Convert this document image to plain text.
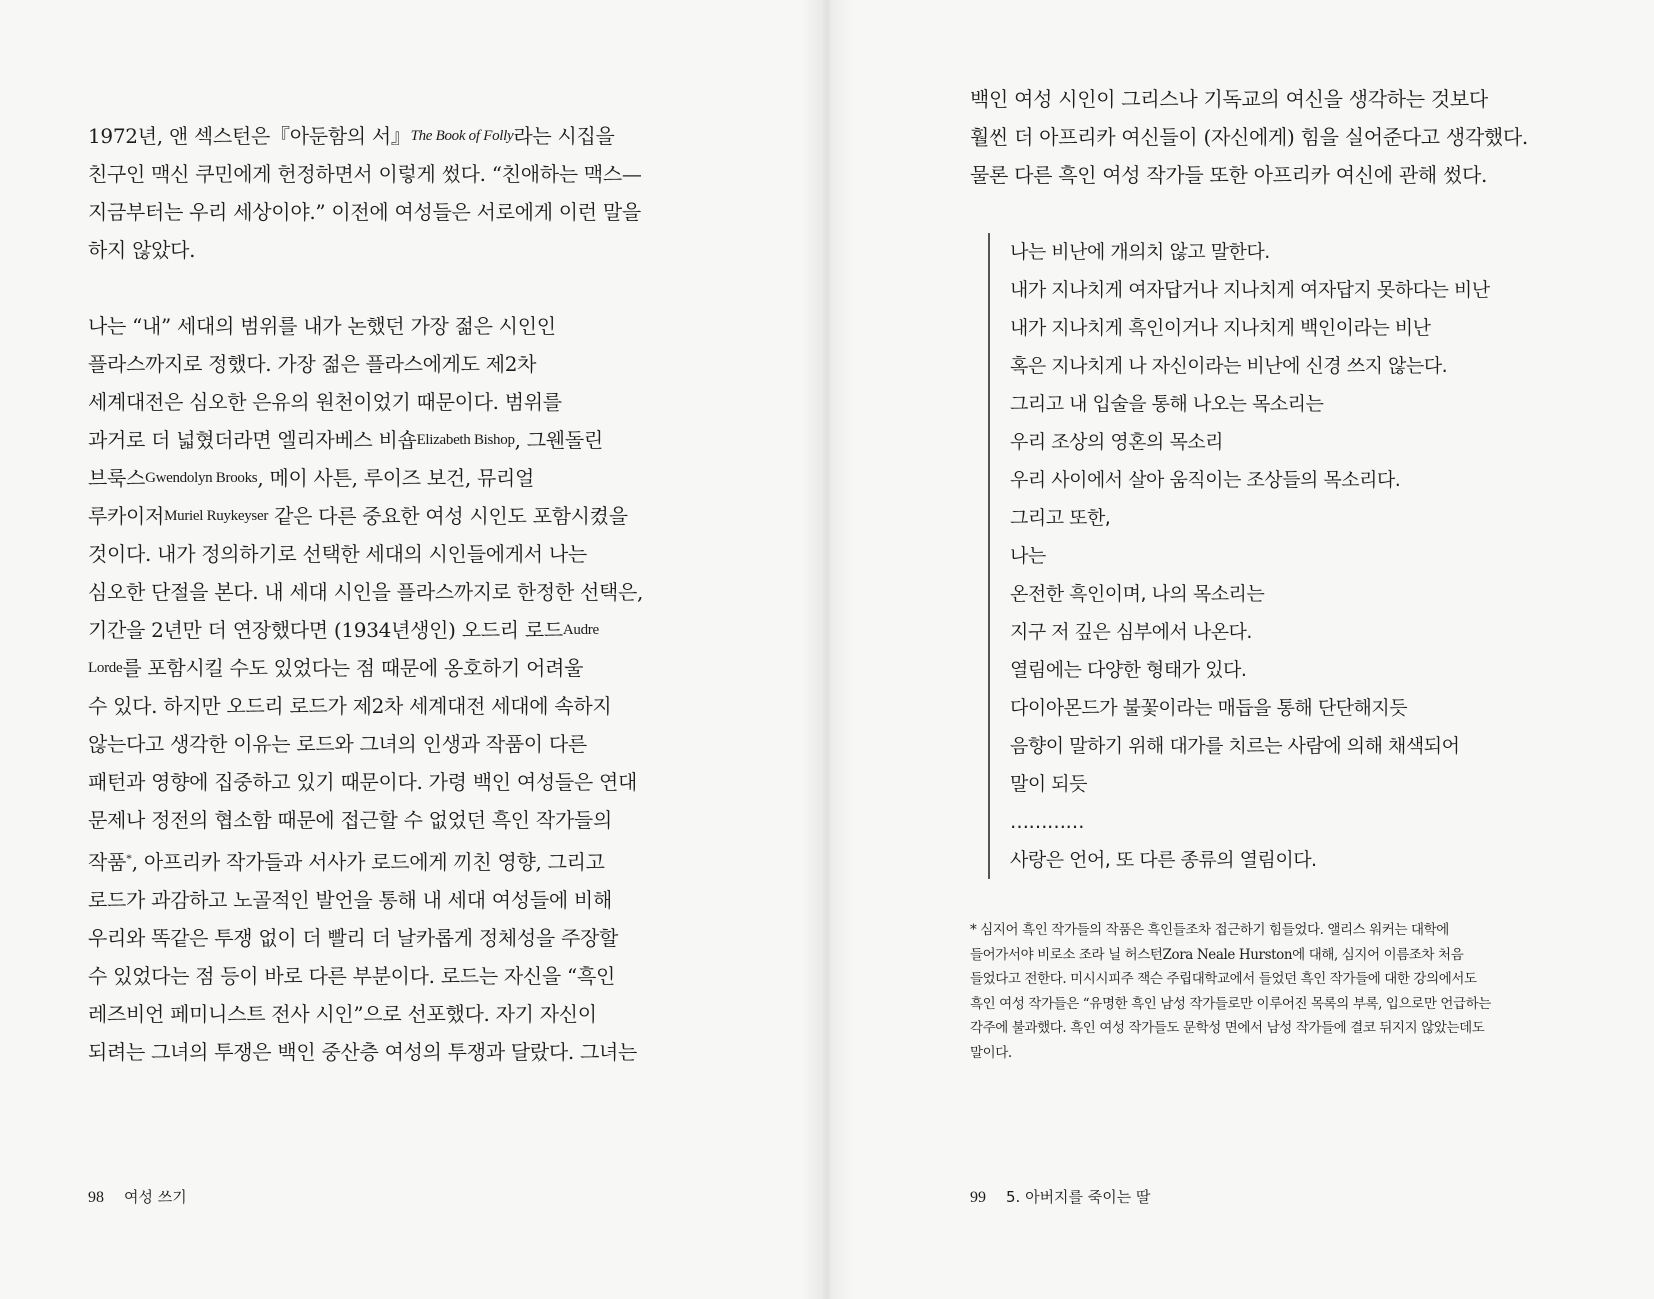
1972년, 앤 섹스턴은『아둔함의 서』The Book of Folly라는 시집을

친구인 맥신 쿠민에게 헌정하면서 이렇게 썼다. “친애하는 맥스—

지금부터는 우리 세상이야.” 이전에 여성들은 서로에게 이런 말을

하지 않았다.

나는 “내” 세대의 범위를 내가 논했던 가장 젊은 시인인

플라스까지로 정했다. 가장 젊은 플라스에게도 제2차

세계대전은 심오한 은유의 원천이었기 때문이다. 범위를

과거로 더 넓혔더라면 엘리자베스 비숍Elizabeth Bishop, 그웬돌린

브룩스Gwendolyn Brooks, 메이 사튼, 루이즈 보건, 뮤리얼

루카이저Muriel Ruykeyser 같은 다른 중요한 여성 시인도 포함시켰을

것이다. 내가 정의하기로 선택한 세대의 시인들에게서 나는

심오한 단절을 본다. 내 세대 시인을 플라스까지로 한정한 선택은,

기간을 2년만 더 연장했다면 (1934년생인) 오드리 로드Audre

Lorde를 포함시킬 수도 있었다는 점 때문에 옹호하기 어려울

수 있다. 하지만 오드리 로드가 제2차 세계대전 세대에 속하지

않는다고 생각한 이유는 로드와 그녀의 인생과 작품이 다른

패턴과 영향에 집중하고 있기 때문이다. 가령 백인 여성들은 연대

문제나 정전의 협소함 때문에 접근할 수 없었던 흑인 작가들의

작품*, 아프리카 작가들과 서사가 로드에게 끼친 영향, 그리고

로드가 과감하고 노골적인 발언을 통해 내 세대 여성들에 비해

우리와 똑같은 투쟁 없이 더 빨리 더 날카롭게 정체성을 주장할

수 있었다는 점 등이 바로 다른 부분이다. 로드는 자신을 “흑인

레즈비언 페미니스트 전사 시인”으로 선포했다. 자기 자신이

되려는 그녀의 투쟁은 백인 중산층 여성의 투쟁과 달랐다. 그녀는

98 여성 쓰기

백인 여성 시인이 그리스나 기독교의 여신을 생각하는 것보다

훨씬 더 아프리카 여신들이 (자신에게) 힘을 실어준다고 생각했다.

물론 다른 흑인 여성 작가들 또한 아프리카 여신에 관해 썼다.

나는 비난에 개의치 않고 말한다.

내가 지나치게 여자답거나 지나치게 여자답지 못하다는 비난

내가 지나치게 흑인이거나 지나치게 백인이라는 비난

혹은 지나치게 나 자신이라는 비난에 신경 쓰지 않는다.

그리고 내 입술을 통해 나오는 목소리는

우리 조상의 영혼의 목소리

우리 사이에서 살아 움직이는 조상들의 목소리다.

그리고 또한,

나는

온전한 흑인이며, 나의 목소리는

지구 저 깊은 심부에서 나온다.

열림에는 다양한 형태가 있다.

다이아몬드가 불꽃이라는 매듭을 통해 단단해지듯

음향이 말하기 위해 대가를 치르는 사람에 의해 채색되어

말이 되듯

…………

사랑은 언어, 또 다른 종류의 열림이다.

* 심지어 흑인 작가들의 작품은 흑인들조차 접근하기 힘들었다. 앨리스 워커는 대학에

들어가서야 비로소 조라 닐 허스턴Zora Neale Hurston에 대해, 심지어 이름조차 처음

들었다고 전한다. 미시시피주 잭슨 주립대학교에서 들었던 흑인 작가들에 대한 강의에서도

흑인 여성 작가들은 “유명한 흑인 남성 작가들로만 이루어진 목록의 부록, 입으로만 언급하는

각주에 불과했다. 흑인 여성 작가들도 문학성 면에서 남성 작가들에 결코 뒤지지 않았는데도

말이다.

99 5. 아버지를 죽이는 딸
